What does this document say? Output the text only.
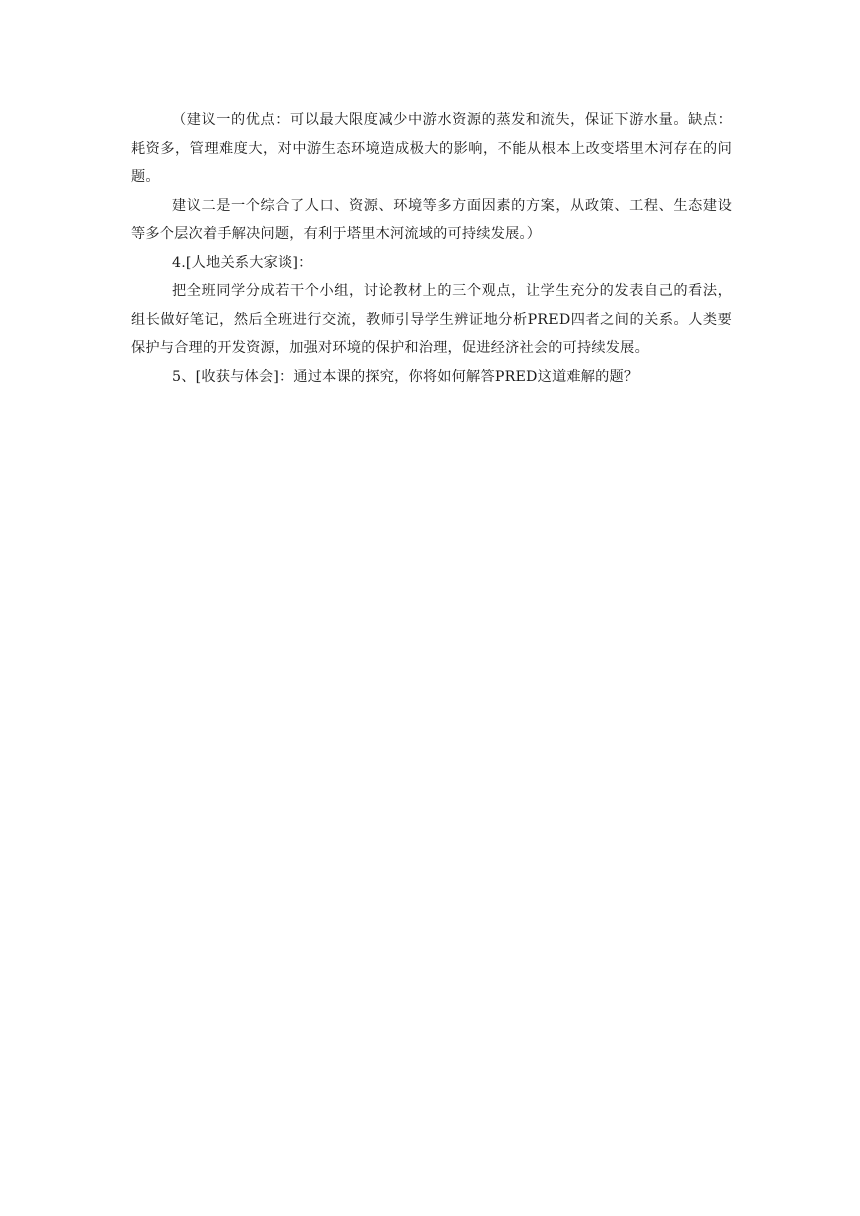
（建议一的优点：可以最大限度减少中游水资源的蒸发和流失，保证下游水量。缺点：耗资多，管理难度大，对中游生态环境造成极大的影响，不能从根本上改变塔里木河存在的问题。

建议二是一个综合了人口、资源、环境等多方面因素的方案，从政策、工程、生态建设等多个层次着手解决问题，有利于塔里木河流域的可持续发展。）

4.[人地关系大家谈]：

把全班同学分成若干个小组，讨论教材上的三个观点，让学生充分的发表自己的看法，组长做好笔记，然后全班进行交流，教师引导学生辨证地分析PRED四者之间的关系。人类要保护与合理的开发资源，加强对环境的保护和治理，促进经济社会的可持续发展。

5、[收获与体会]：通过本课的探究，你将如何解答PRED这道难解的题？
